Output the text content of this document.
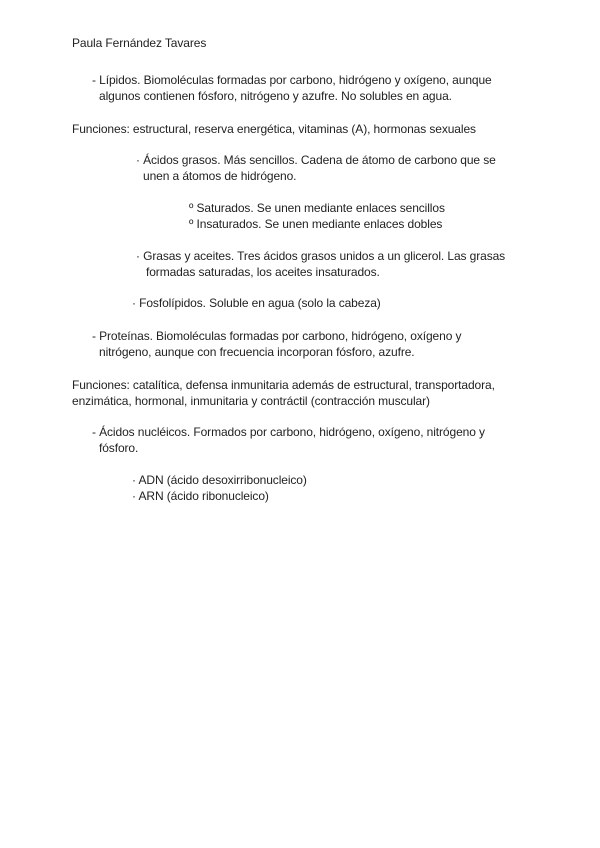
Paula Fernández Tavares
- Lípidos. Biomoléculas formadas por carbono, hidrógeno y oxígeno, aunque
algunos contienen fósforo, nitrógeno y azufre. No solubles en agua.
Funciones: estructural, reserva energética, vitaminas (A), hormonas sexuales
· Ácidos grasos. Más sencillos. Cadena de átomo de carbono que se
unen a átomos de hidrógeno.
º Saturados. Se unen mediante enlaces sencillos
º Insaturados. Se unen mediante enlaces dobles
· Grasas y aceites. Tres ácidos grasos unidos a un glicerol. Las grasas
formadas saturadas, los aceites insaturados.
· Fosfolípidos. Soluble en agua (solo la cabeza)
- Proteínas. Biomoléculas formadas por carbono, hidrógeno, oxígeno y
nitrógeno, aunque con frecuencia incorporan fósforo, azufre.
Funciones: catalítica, defensa inmunitaria además de estructural, transportadora,
enzimática, hormonal, inmunitaria y contráctil (contracción muscular)
- Ácidos nucléicos. Formados por carbono, hidrógeno, oxígeno, nitrógeno y
fósforo.
· ADN (ácido desoxirribonucleico)
· ARN (ácido ribonucleico)
